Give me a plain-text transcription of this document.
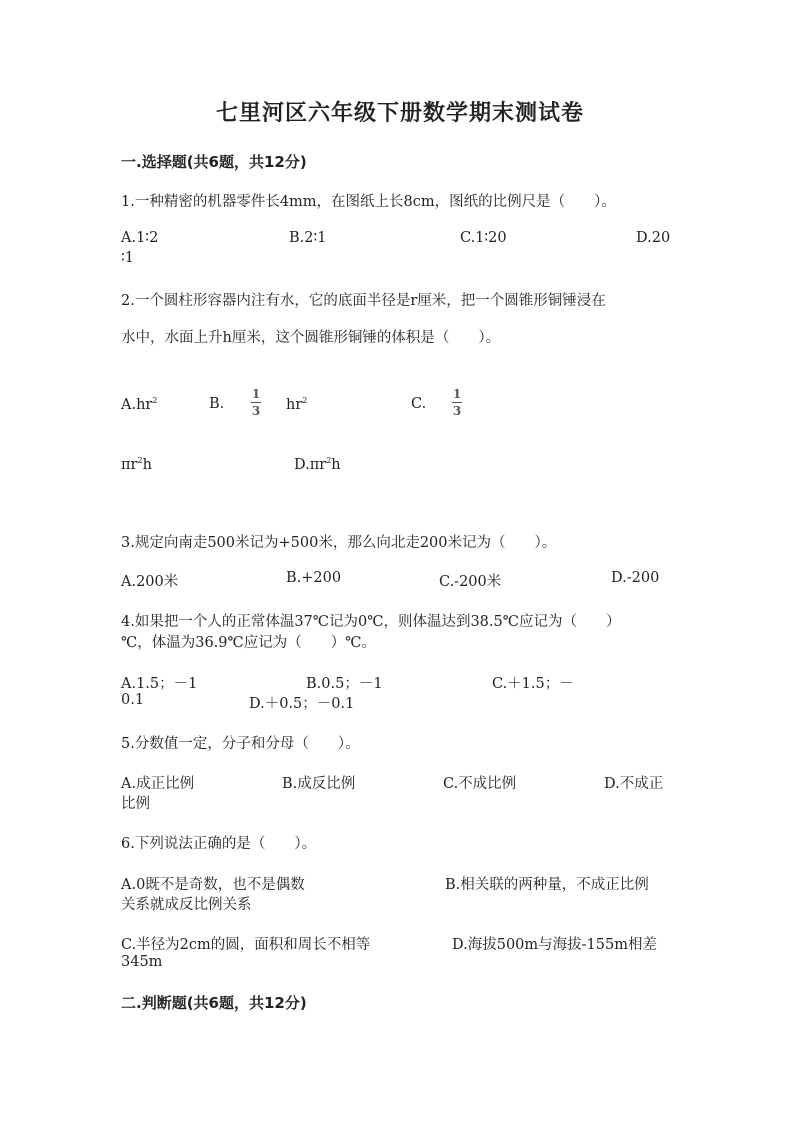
七里河区六年级下册数学期末测试卷
一.选择题(共6题，共12分)
1.一种精密的机器零件长4mm，在图纸上长8cm，图纸的比例尺是（　　）。
A.1∶2	B.2∶1	C.1∶20	D.20
∶1
2.一个圆柱形容器内注有水，它的底面半径是r厘米，把一个圆锥形铜锤浸在
水中，水面上升h厘米，这个圆锥形铜锤的体积是（　　）。
$A.hr^2$	B.
1
3 $hr^2$	C.
1
3
$\pi r^2h$	$D.\pi r^2h$
3.规定向南走500米记为+500米，那么向北走200米记为（　　）。
A.200米	B.+200	C.-200米	D.-200
4.如果把一个人的正常体温37℃记为0℃，则体温达到38.5℃应记为（　　）
℃，体温为36.9℃应记为（　　）℃。
A.1.5；－1	B.0.5；－1	C.＋1.5；－
0.1	D.＋0.5；－0.1
5.分数值一定，分子和分母（　　）。
A.成正比例	B.成反比例	C.不成比例	D.不成正
比例
6.下列说法正确的是（　　）。
A.0既不是奇数，也不是偶数	B.相关联的两种量，不成正比例
关系就成反比例关系
C.半径为2cm的圆，面积和周长不相等	D.海拔500m与海拔-155m相差
345m
二.判断题(共6题，共12分)
